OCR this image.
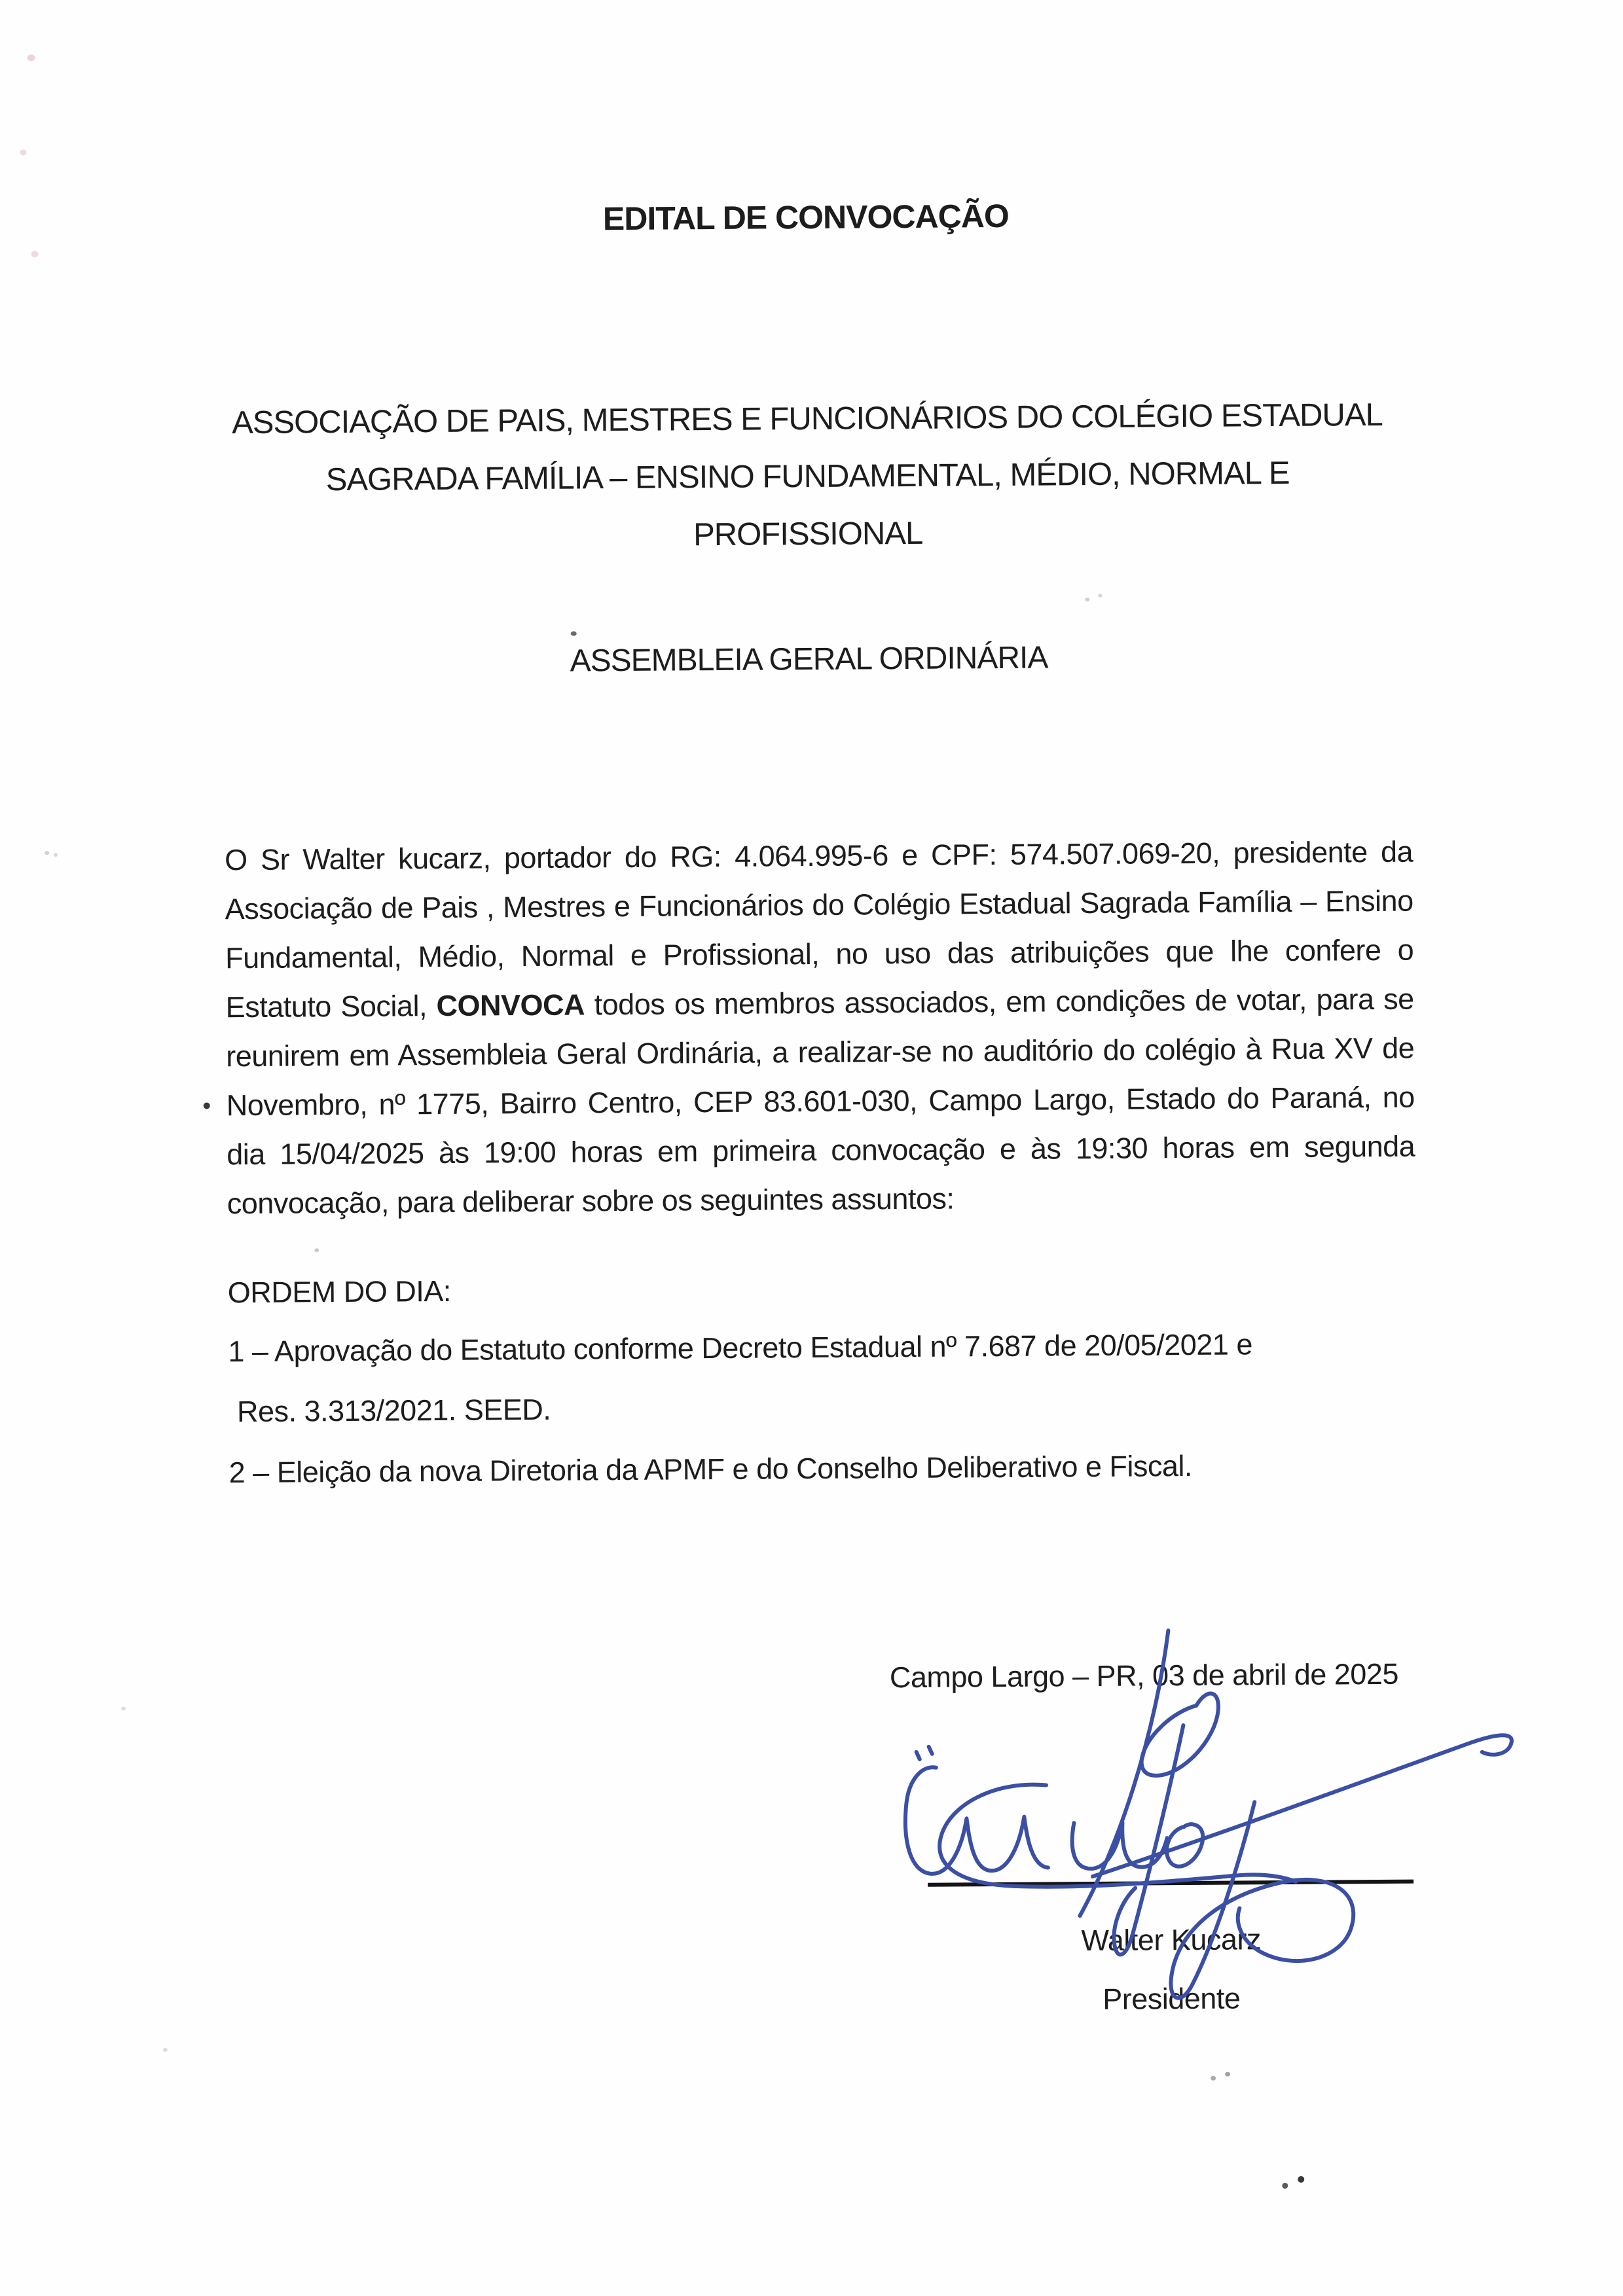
EDITAL DE CONVOCAÇÃO
ASSOCIAÇÃO DE PAIS, MESTRES E FUNCIONÁRIOS DO COLÉGIO ESTADUAL
SAGRADA FAMÍLIA – ENSINO FUNDAMENTAL, MÉDIO, NORMAL E
PROFISSIONAL
ASSEMBLEIA GERAL ORDINÁRIA

O Sr Walter kucarz, portador do RG: 4.064.995-6 e CPF: 574.507.069-20, presidente da Associação de Pais , Mestres e Funcionários do Colégio Estadual Sagrada Família – Ensino Fundamental, Médio, Normal e Profissional, no uso das atribuições que lhe confere o Estatuto Social, CONVOCA todos os membros associados, em condições de votar, para se reunirem em Assembleia Geral Ordinária, a realizar-se no auditório do colégio à Rua XV de Novembro, nº 1775, Bairro Centro, CEP 83.601-030, Campo Largo, Estado do Paraná, no dia 15/04/2025 às 19:00 horas em primeira convocação e às 19:30 horas em segunda convocação, para deliberar sobre os seguintes assuntos:

ORDEM DO DIA:
1 – Aprovação do Estatuto conforme Decreto Estadual nº 7.687 de 20/05/2021 e
Res. 3.313/2021. SEED.
2 – Eleição da nova Diretoria da APMF e do Conselho Deliberativo e Fiscal.
Campo Largo – PR, 03 de abril de 2025
Walter Kucarz
Presidente
